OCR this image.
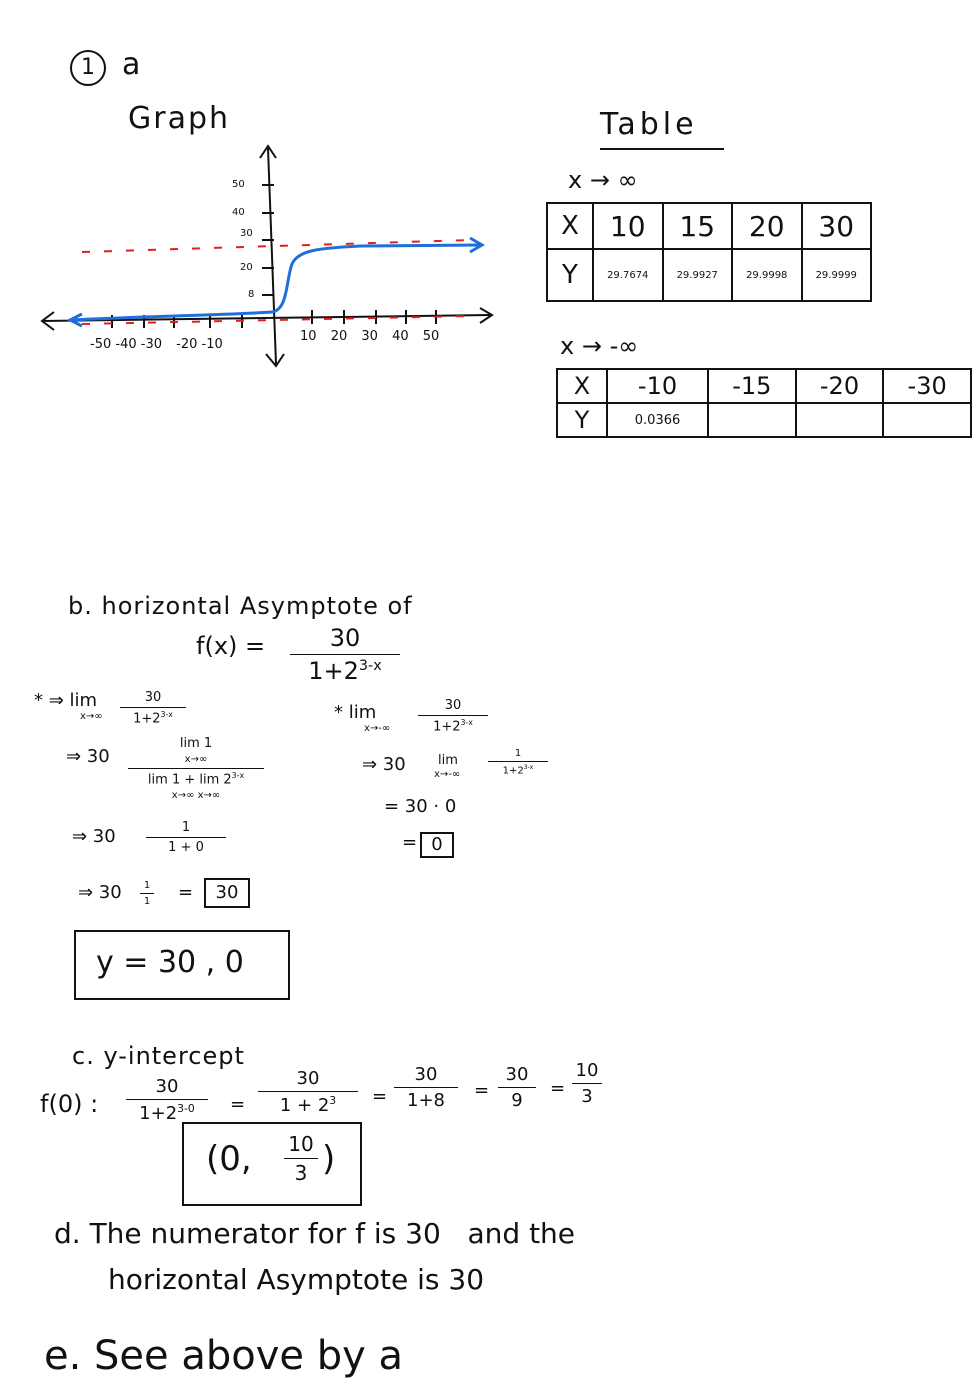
1 a
Graph
50
40
30
20
8
-50 -40 -30 -20 -10
10 20 30 40 50
Table
x → ∞
X	10	15	20	30
Y	29.7674	29.9927	29.9998	29.9999
x → -∞
X	-10	-15	-20	-30
Y	0.0366			
b. horizontal Asymptote of
f(x) =	30
$1+2^{3-x}$
* ⇒ lim
x→∞
30
$1+2^{3-x}$
⇒ 30
lim 1
x→∞
lim 1 + lim 2$^{3-x}$
x→∞ x→∞
⇒ 30	1
1 + 0
⇒ 30	1
1 =	30
* lim
x→-∞
30
$1+2^{3-x}$
⇒ 30 lim
x→-∞
1
$1+2^{3-x}$
= 30 · 0
= 0
y = 30 , 0
c. y-intercept
f(0) :
30
$1+2^{3-0}$	=
30
$1 + 2^3$	=
30
1+8	=
30
9
=
10
3
(0, 10
3 )
d. The numerator for f is 30   and the
horizontal Asymptote is 30
e. See above by a
